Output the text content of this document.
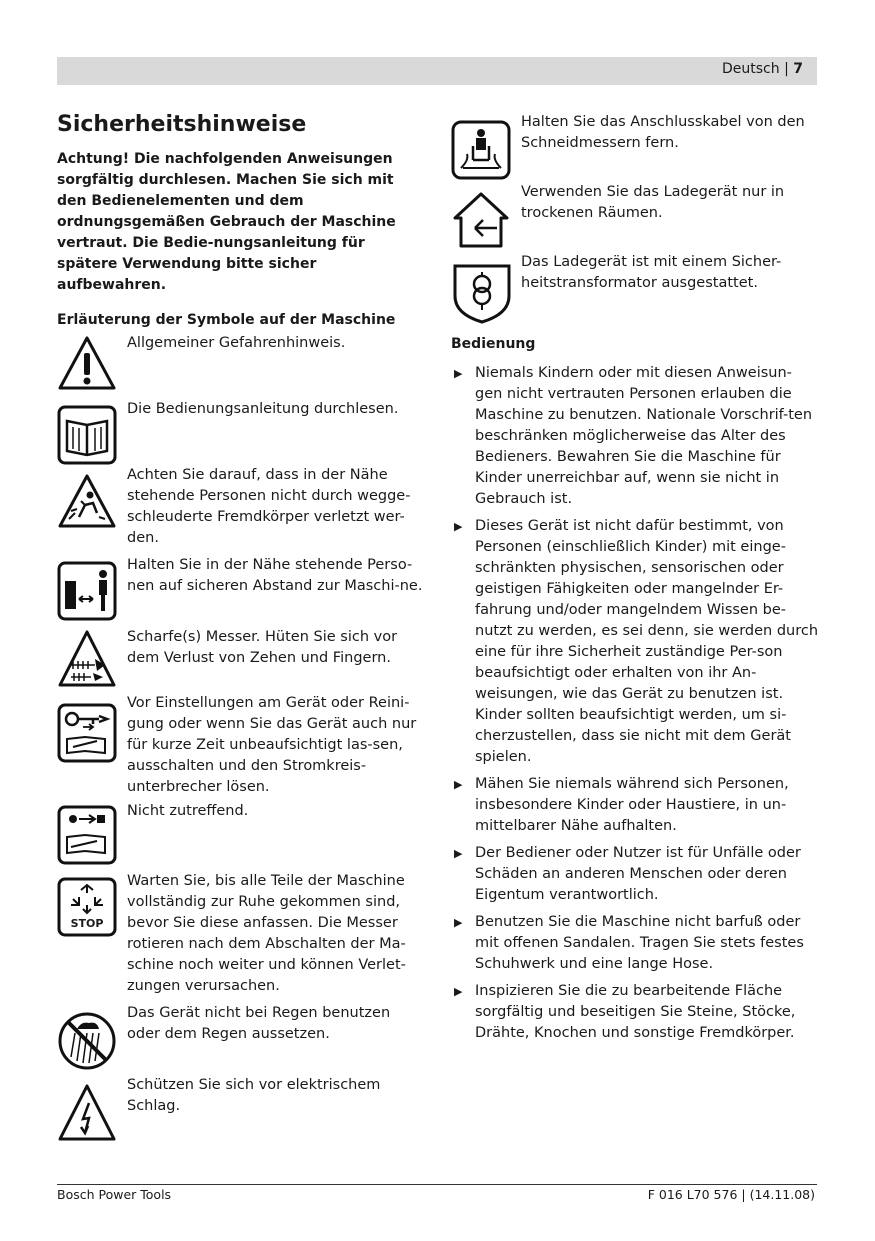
Deutsch | 7
Sicherheitshinweise

Achtung! Die nachfolgenden Anweisungen sorgfältig durchlesen. Machen Sie sich mit den Bedienelementen und dem ordnungsgemäßen Gebrauch der Maschine vertraut. Die Bedie-nungsanleitung für spätere Verwendung bitte sicher aufbewahren.

Erläuterung der Symbole auf der Maschine

Allgemeiner Gefahrenhinweis.
Die Bedienungsanleitung durchlesen.
Achten Sie darauf, dass in der Nähe stehende Personen nicht durch wegge-schleuderte Fremdkörper verletzt wer-den.
Halten Sie in der Nähe stehende Perso-nen auf sicheren Abstand zur Maschi-ne.
Scharfe(s) Messer. Hüten Sie sich vor dem Verlust von Zehen und Fingern.
Vor Einstellungen am Gerät oder Reini-gung oder wenn Sie das Gerät auch nur für kurze Zeit unbeaufsichtigt las-sen, ausschalten und den Stromkreis-unterbrecher lösen.
Nicht zutreffend.
STOP
Warten Sie, bis alle Teile der Maschine vollständig zur Ruhe gekommen sind, bevor Sie diese anfassen. Die Messer rotieren nach dem Abschalten der Ma-schine noch weiter und können Verlet-zungen verursachen.
Das Gerät nicht bei Regen benutzen oder dem Regen aussetzen.
Schützen Sie sich vor elektrischem Schlag.
Halten Sie das Anschlusskabel von den Schneidmessern fern.
Verwenden Sie das Ladegerät nur in trockenen Räumen.
Das Ladegerät ist mit einem Sicher-heitstransformator ausgestattet.

Bedienung

▶ Niemals Kindern oder mit diesen Anweisun-gen nicht vertrauten Personen erlauben die Maschine zu benutzen. Nationale Vorschrif-ten beschränken möglicherweise das Alter des Bedieners. Bewahren Sie die Maschine für Kinder unerreichbar auf, wenn sie nicht in Gebrauch ist.
▶ Dieses Gerät ist nicht dafür bestimmt, von Personen (einschließlich Kinder) mit einge-schränkten physischen, sensorischen oder geistigen Fähigkeiten oder mangelnder Er-fahrung und/oder mangelndem Wissen be-nutzt zu werden, es sei denn, sie werden durch eine für ihre Sicherheit zuständige Per-son beaufsichtigt oder erhalten von ihr An-weisungen, wie das Gerät zu benutzen ist. Kinder sollten beaufsichtigt werden, um si-cherzustellen, dass sie nicht mit dem Gerät spielen.
▶ Mähen Sie niemals während sich Personen, insbesondere Kinder oder Haustiere, in un-mittelbarer Nähe aufhalten.
▶ Der Bediener oder Nutzer ist für Unfälle oder Schäden an anderen Menschen oder deren Eigentum verantwortlich.
▶ Benutzen Sie die Maschine nicht barfuß oder mit offenen Sandalen. Tragen Sie stets festes Schuhwerk und eine lange Hose.
▶ Inspizieren Sie die zu bearbeitende Fläche sorgfältig und beseitigen Sie Steine, Stöcke, Drähte, Knochen und sonstige Fremdkörper.
Bosch Power Tools	F 016 L70 576 | (14.11.08)
